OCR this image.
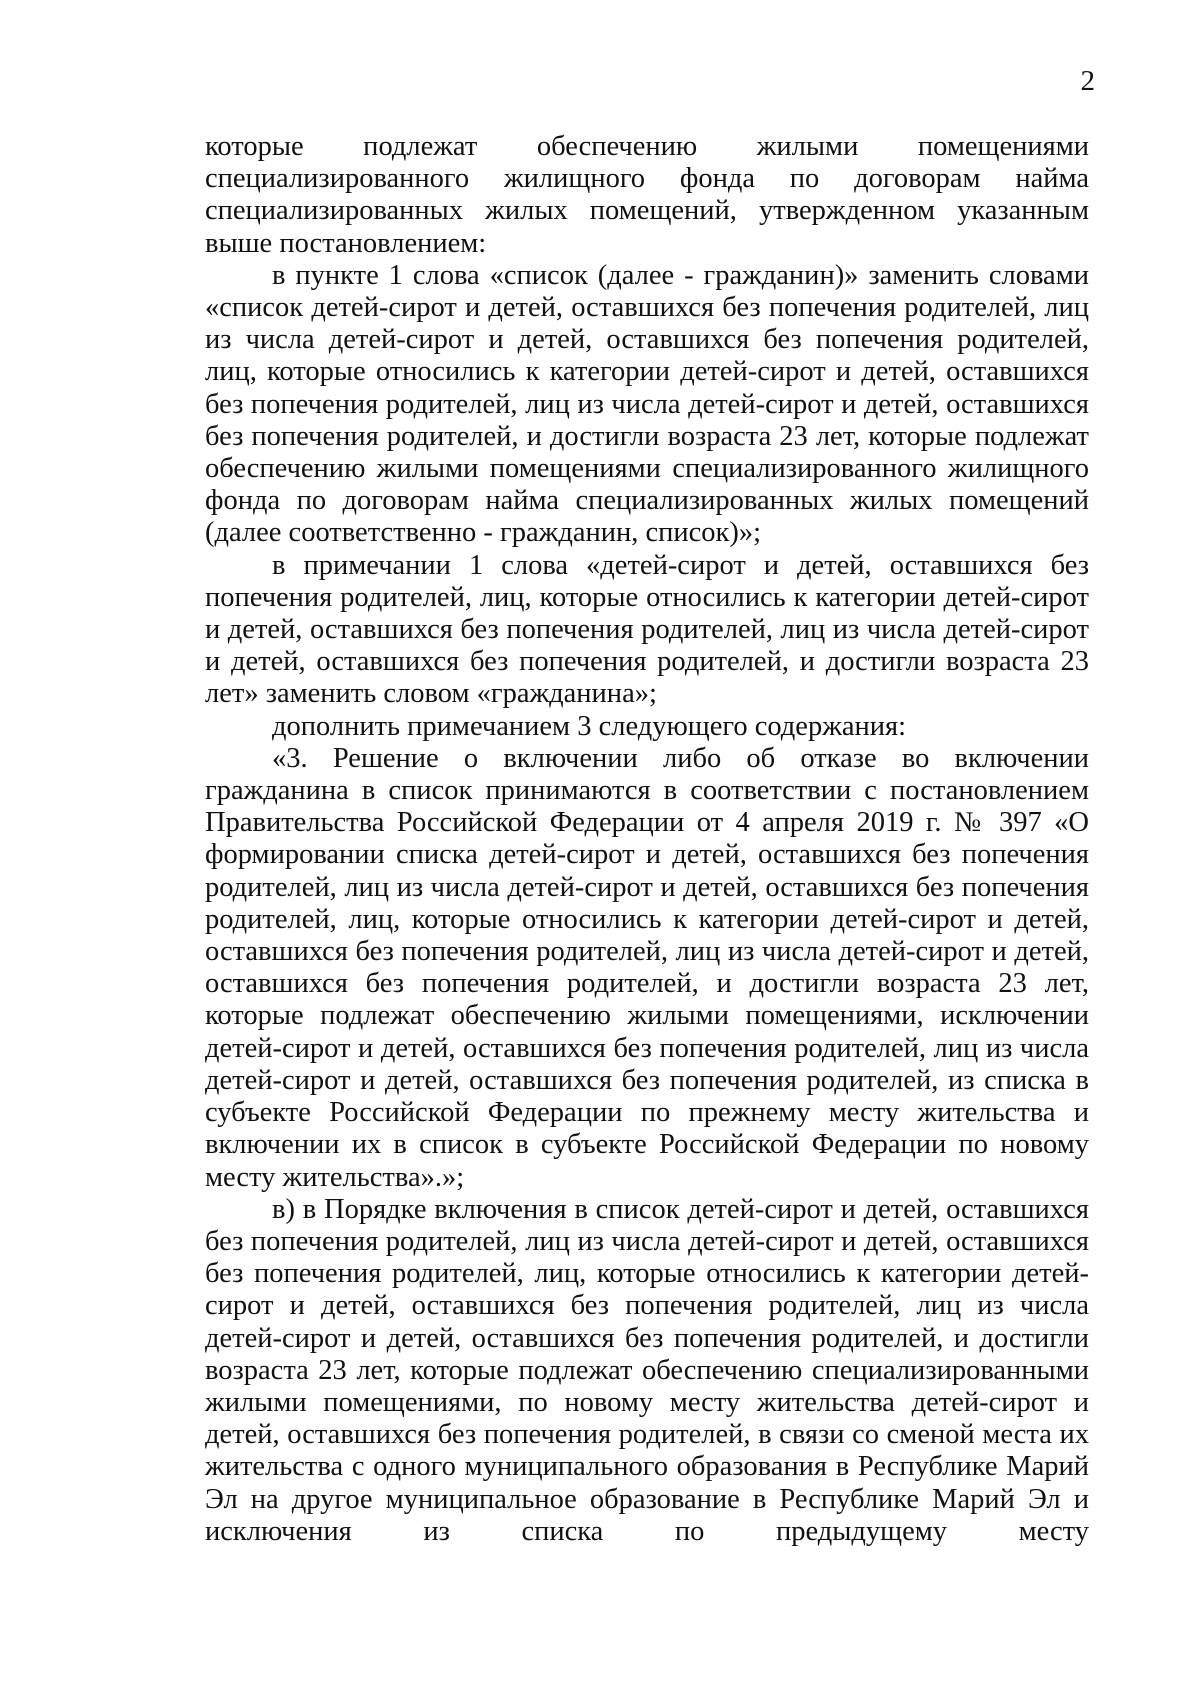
2

которые подлежат обеспечению жилыми помещениями специализированного жилищного фонда по договорам найма специализированных жилых помещений, утвержденном указанным выше постановлением:

в пункте 1 слова «список (далее - гражданин)» заменить словами «список детей-сирот и детей, оставшихся без попечения родителей, лиц из числа детей-сирот и детей, оставшихся без попечения родителей, лиц, которые относились к категории детей-сирот и детей, оставшихся без попечения родителей, лиц из числа детей-сирот и детей, оставшихся без попечения родителей, и достигли возраста 23 лет, которые подлежат обеспечению жилыми помещениями специализированного жилищного фонда по договорам найма специализированных жилых помещений (далее соответственно - гражданин, список)»;

в примечании 1 слова «детей-сирот и детей, оставшихся без попечения родителей, лиц, которые относились к категории детей-сирот и детей, оставшихся без попечения родителей, лиц из числа детей-сирот и детей, оставшихся без попечения родителей, и достигли возраста 23 лет» заменить словом «гражданина»;

дополнить примечанием 3 следующего содержания:

«3. Решение о включении либо об отказе во включении гражданина в список принимаются в соответствии с постановлением Правительства Российской Федерации от 4 апреля 2019 г. № 397 «О формировании списка детей-сирот и детей, оставшихся без попечения родителей, лиц из числа детей-сирот и детей, оставшихся без попечения родителей, лиц, которые относились к категории детей-сирот и детей, оставшихся без попечения родителей, лиц из числа детей-сирот и детей, оставшихся без попечения родителей, и достигли возраста 23 лет, которые подлежат обеспечению жилыми помещениями, исключении детей-сирот и детей, оставшихся без попечения родителей, лиц из числа детей-сирот и детей, оставшихся без попечения родителей, из списка в субъекте Российской Федерации по прежнему месту жительства и включении их в список в субъекте Российской Федерации по новому месту жительства».»;

в) в Порядке включения в список детей-сирот и детей, оставшихся без попечения родителей, лиц из числа детей-сирот и детей, оставшихся без попечения родителей, лиц, которые относились к категории детей-сирот и детей, оставшихся без попечения родителей, лиц из числа детей-сирот и детей, оставшихся без попечения родителей, и достигли возраста 23 лет, которые подлежат обеспечению специализированными жилыми помещениями, по новому месту жительства детей-сирот и детей, оставшихся без попечения родителей, в связи со сменой места их жительства с одного муниципального образования в Республике Марий Эл на другое муниципальное образование в Республике Марий Эл и исключения из списка по предыдущему месту
